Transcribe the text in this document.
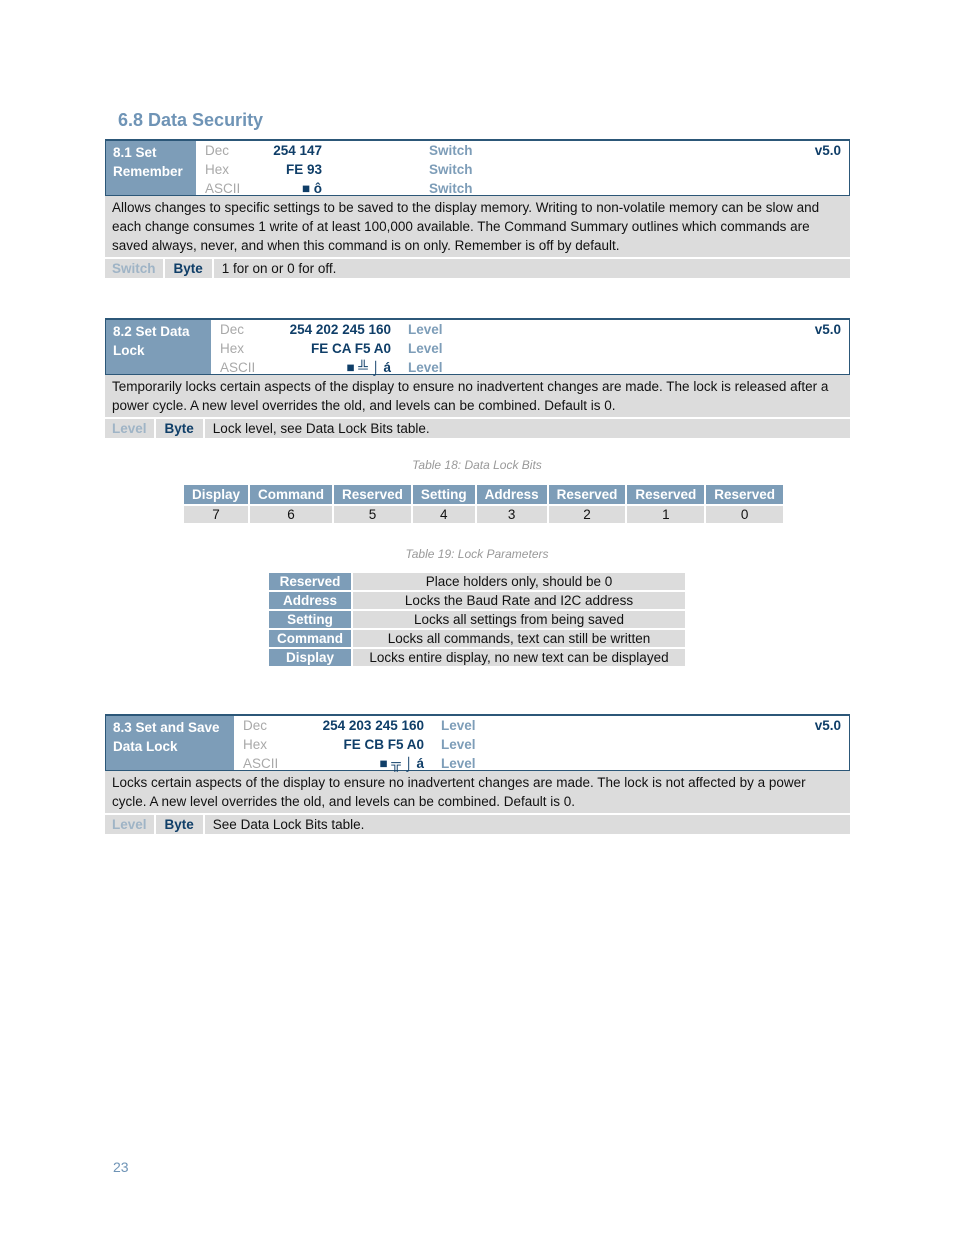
6.8 Data Security
8.1 Set
Remember
Dec	254 147	Switch	v5.0
Hex	FE 93	Switch
ASCII	■ ô	Switch
Allows changes to specific settings to be saved to the display memory. Writing to non-volatile memory can be slow and each change consumes 1 write of at least 100,000 available. The Command Summary outlines which commands are saved always, never, and when this command is on only. Remember is off by default.
Switch	Byte	1 for on or 0 for off.
8.2 Set Data
Lock
Dec	254 202 245 160 Level	v5.0
Hex	FE CA F5 A0 Level
ASCII	■ ╩ ⌡ á Level
Temporarily locks certain aspects of the display to ensure no inadvertent changes are made. The lock is released after a power cycle. A new level overrides the old, and levels can be combined. Default is 0.
Level	Byte	Lock level, see Data Lock Bits table.
Table 18: Data Lock Bits
Display	Command	Reserved	Setting	Address	Reserved	Reserved	Reserved
7	6	5	4	3	2	1	0
Table 19: Lock Parameters
Reserved	Place holders only, should be 0
Address	Locks the Baud Rate and I2C address
Setting	Locks all settings from being saved
Command	Locks all commands, text can still be written
Display	Locks entire display, no new text can be displayed
8.3 Set and Save
Data Lock
Dec	254 203 245 160 Level	v5.0
Hex	FE CB F5 A0 Level
ASCII	■ ╦ ⌡ á Level
Locks certain aspects of the display to ensure no inadvertent changes are made. The lock is not affected by a power cycle. A new level overrides the old, and levels can be combined. Default is 0.
Level	Byte	See Data Lock Bits table.
23
